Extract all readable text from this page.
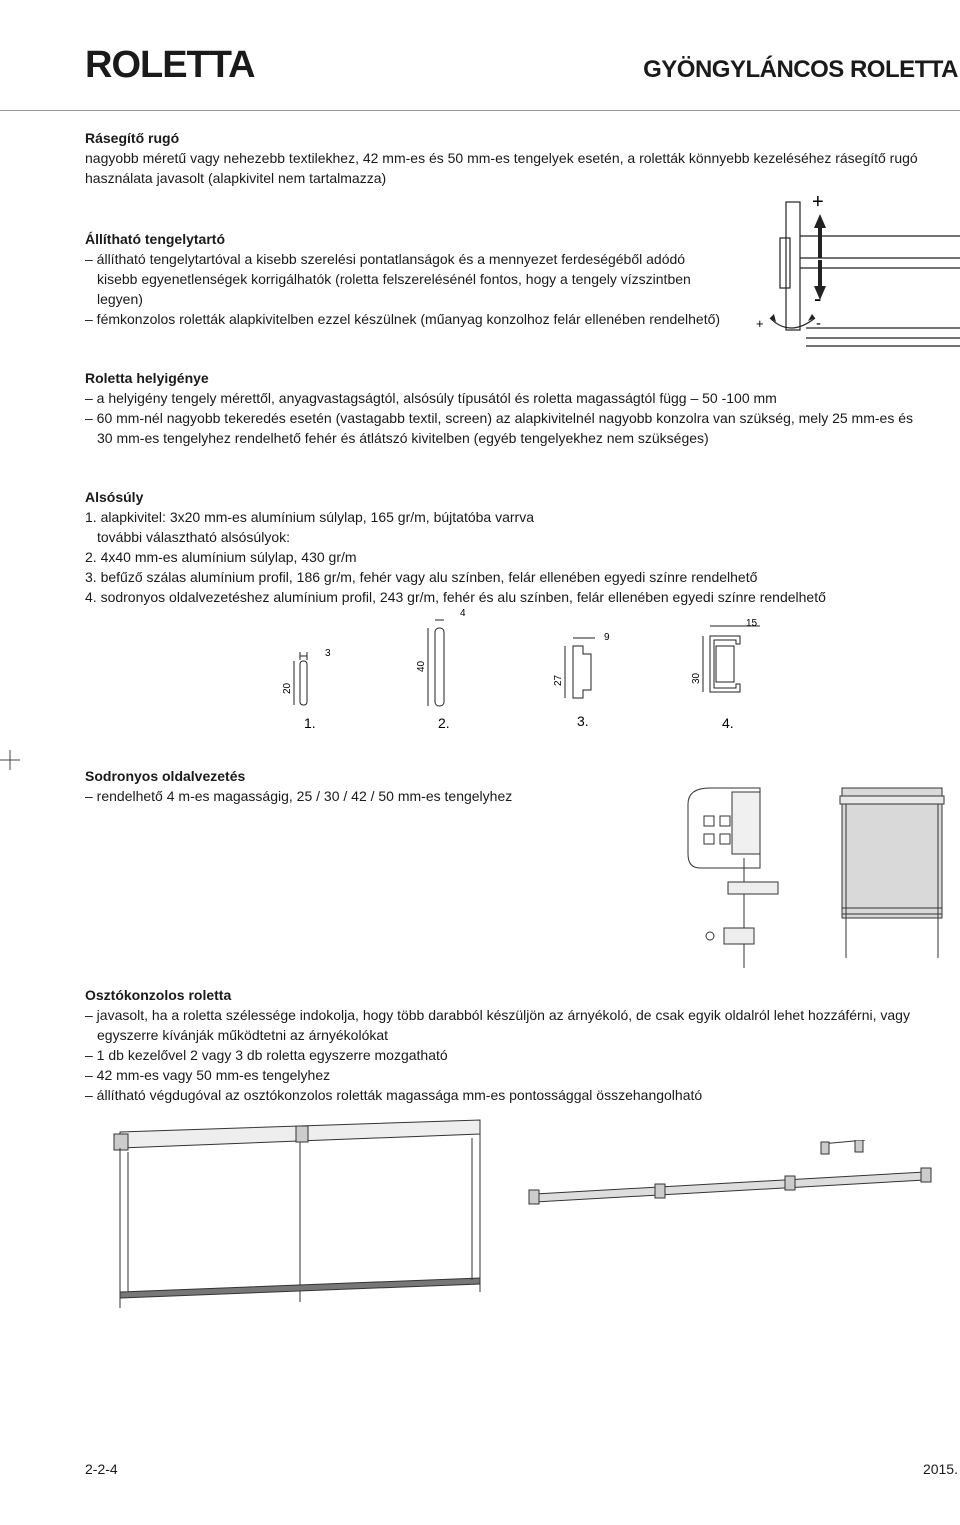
ROLETTA	GYÖNGYLÁNCOS ROLETTA
Rásegítő rugó

nagyobb méretű vagy nehezebb textilekhez, 42 mm-es és 50 mm-es tengelyek esetén, a roletták könnyebb kezeléséhez rásegítő rugó

használata javasolt (alapkivitel nem tartalmazza)

Állítható tengelytartó

– állítható tengelytartóval a kisebb szerelési pontatlanságok és a mennyezet ferdeségéből adódó

kisebb egyenetlenségek korrigálhatók (roletta felszerelésénél fontos, hogy a tengely vízszintben

legyen)

– fémkonzolos roletták alapkivitelben ezzel készülnek (műanyag konzolhoz felár ellenében rendelhető)

+
-
+	-
Roletta helyigénye

– a helyigény tengely mérettől, anyagvastagságtól, alsósúly típusától és roletta magasságtól függ – 50 -100 mm

– 60 mm-nél nagyobb tekeredés esetén (vastagabb textil, screen) az alapkivitelnél nagyobb konzolra van szükség, mely 25 mm-es és

30 mm-es tengelyhez rendelhető fehér és átlátszó kivitelben (egyéb tengelyekhez nem szükséges)

Alsósúly

1. alapkivitel: 3x20 mm-es alumínium súlylap, 165 gr/m, bújtatóba varrva

további választható alsósúlyok:

2. 4x40 mm-es alumínium súlylap, 430 gr/m

3. befűző szálas alumínium profil, 186 gr/m, fehér vagy alu színben, felár ellenében egyedi színre rendelhető

4. sodronyos oldalvezetéshez alumínium profil, 243 gr/m, fehér és alu színben, felár ellenében egyedi színre rendelhető

3
20
4
40
9
27
15
30
1.	2.	3.	4.
Sodronyos oldalvezetés

– rendelhető 4 m-es magasságig, 25 / 30 / 42 / 50 mm-es tengelyhez

Osztókonzolos roletta

– javasolt, ha a roletta szélessége indokolja, hogy több darabból készüljön az árnyékoló, de csak egyik oldalról lehet hozzáférni, vagy

egyszerre kívánják működtetni az árnyékolókat

– 1 db kezelővel 2 vagy 3 db roletta egyszerre mozgatható

– 42 mm-es vagy 50 mm-es tengelyhez

– állítható végdugóval az osztókonzolos roletták magassága mm-es pontossággal összehangolható

2-2-4	2015.
